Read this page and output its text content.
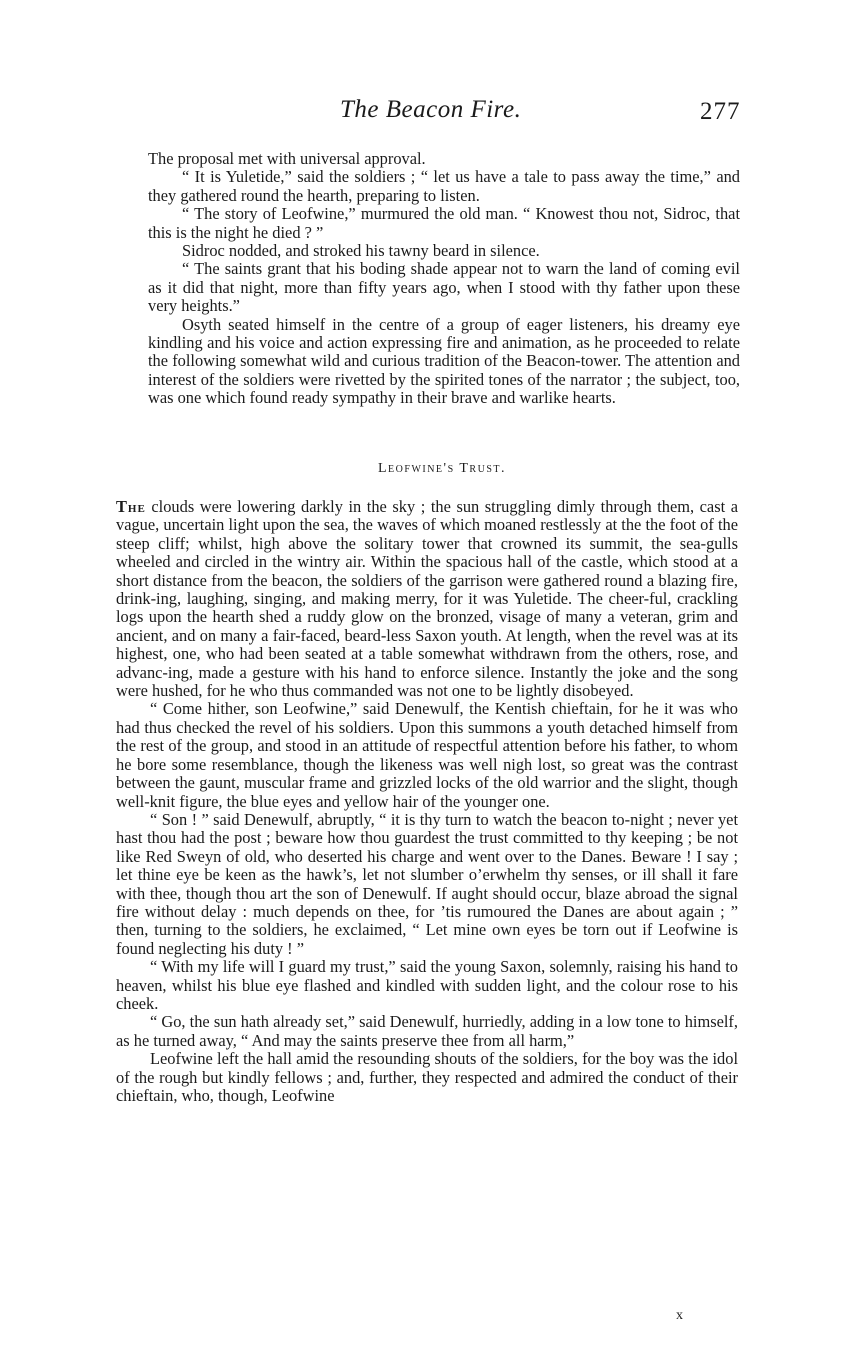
The Beacon Fire.	277

The proposal met with universal approval.

“ It is Yuletide,” said the soldiers ; “ let us have a tale to pass away the time,” and they gathered round the hearth, preparing to listen.

“ The story of Leofwine,” murmured the old man. “ Knowest thou not, Sidroc, that this is the night he died ? ”

Sidroc nodded, and stroked his tawny beard in silence.

“ The saints grant that his boding shade appear not to warn the land of coming evil as it did that night, more than fifty years ago, when I stood with thy father upon these very heights.”

Osyth seated himself in the centre of a group of eager listeners, his dreamy eye kindling and his voice and action expressing fire and animation, as he proceeded to relate the following somewhat wild and curious tradition of the Beacon-tower. The attention and interest of the soldiers were rivetted by the spirited tones of the narrator ; the subject, too, was one which found ready sympathy in their brave and warlike hearts.

Leofwine's Trust.

The clouds were lowering darkly in the sky ; the sun struggling dimly through them, cast a vague, uncertain light upon the sea, the waves of which moaned restlessly at the the foot of the steep cliff; whilst, high above the solitary tower that crowned its summit, the sea-gulls wheeled and circled in the wintry air. Within the spacious hall of the castle, which stood at a short distance from the beacon, the soldiers of the garrison were gathered round a blazing fire, drink-ing, laughing, singing, and making merry, for it was Yuletide. The cheer-ful, crackling logs upon the hearth shed a ruddy glow on the bronzed, visage of many a veteran, grim and ancient, and on many a fair-faced, beard-less Saxon youth. At length, when the revel was at its highest, one, who had been seated at a table somewhat withdrawn from the others, rose, and advanc-ing, made a gesture with his hand to enforce silence. Instantly the joke and the song were hushed, for he who thus commanded was not one to be lightly disobeyed.

“ Come hither, son Leofwine,” said Denewulf, the Kentish chieftain, for he it was who had thus checked the revel of his soldiers. Upon this summons a youth detached himself from the rest of the group, and stood in an attitude of respectful attention before his father, to whom he bore some resemblance, though the likeness was well nigh lost, so great was the contrast between the gaunt, muscular frame and grizzled locks of the old warrior and the slight, though well-knit figure, the blue eyes and yellow hair of the younger one.

“ Son ! ” said Denewulf, abruptly, “ it is thy turn to watch the beacon to-night ; never yet hast thou had the post ; beware how thou guardest the trust committed to thy keeping ; be not like Red Sweyn of old, who deserted his charge and went over to the Danes. Beware ! I say ; let thine eye be keen as the hawk’s, let not slumber o’erwhelm thy senses, or ill shall it fare with thee, though thou art the son of Denewulf. If aught should occur, blaze abroad the signal fire without delay : much depends on thee, for ’tis rumoured the Danes are about again ; ” then, turning to the soldiers, he exclaimed, “ Let mine own eyes be torn out if Leofwine is found neglecting his duty ! ”

“ With my life will I guard my trust,” said the young Saxon, solemnly, raising his hand to heaven, whilst his blue eye flashed and kindled with sudden light, and the colour rose to his cheek.

“ Go, the sun hath already set,” said Denewulf, hurriedly, adding in a low tone to himself, as he turned away, “ And may the saints preserve thee from all harm,”

Leofwine left the hall amid the resounding shouts of the soldiers, for the boy was the idol of the rough but kindly fellows ; and, further, they respected and admired the conduct of their chieftain, who, though, Leofwine

x
